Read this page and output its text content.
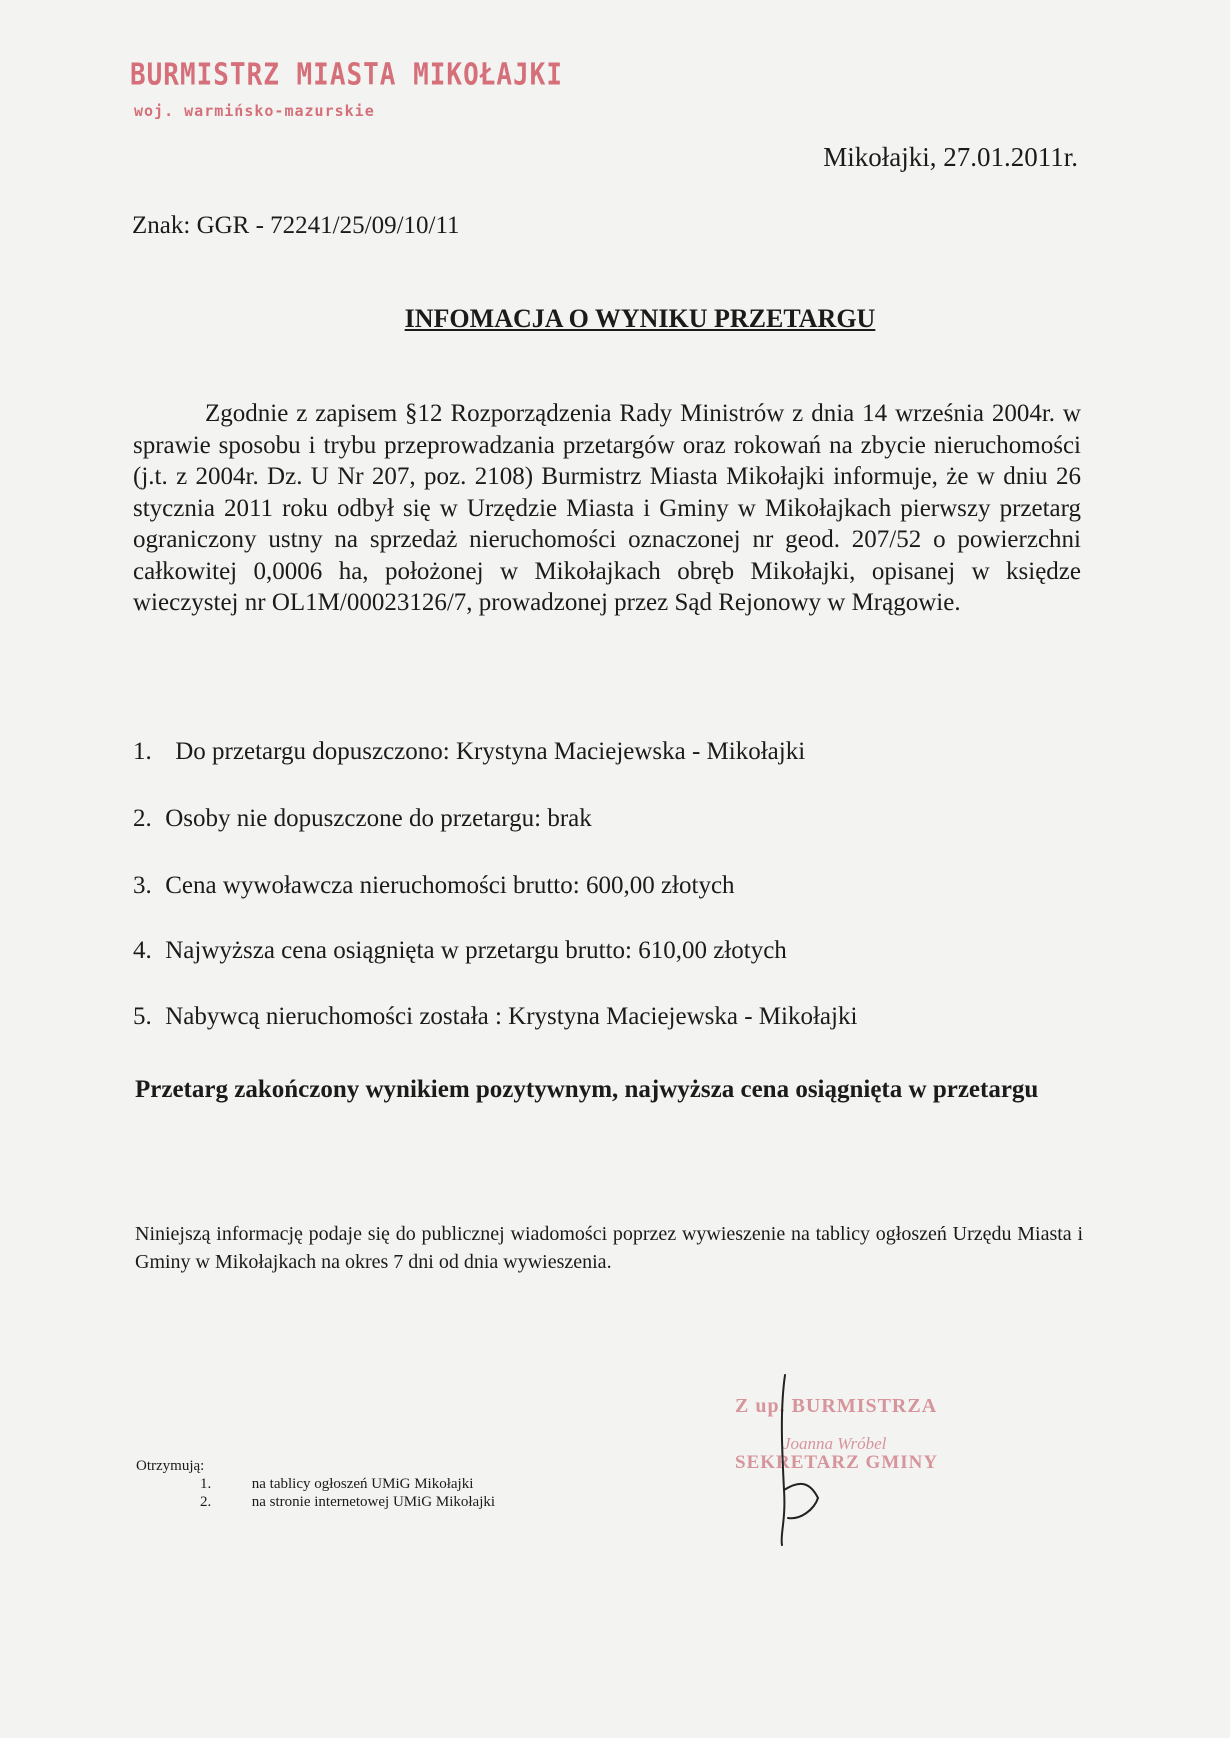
BURMISTRZ MIASTA MIKOŁAJKI
woj. warmińsko-mazurskie
Mikołajki, 27.01.2011r.
Znak: GGR - 72241/25/09/10/11
INFOMACJA O WYNIKU PRZETARGU
Zgodnie z zapisem §12 Rozporządzenia Rady Ministrów z dnia 14 września 2004r. w sprawie sposobu i trybu przeprowadzania przetargów oraz rokowań na zbycie nieruchomości (j.t. z 2004r. Dz. U Nr 207, poz. 2108) Burmistrz Miasta Mikołajki informuje, że w dniu 26 stycznia 2011 roku odbył się w Urzędzie Miasta i Gminy w Mikołajkach pierwszy przetarg ograniczony ustny na sprzedaż nieruchomości oznaczonej nr geod. 207/52 o powierzchni całkowitej 0,0006 ha, położonej w Mikołajkach obręb Mikołajki, opisanej w księdze wieczystej nr OL1M/00023126/7, prowadzonej przez Sąd Rejonowy w Mrągowie.
1. Do przetargu dopuszczono: Krystyna Maciejewska - Mikołajki
2. Osoby nie dopuszczone do przetargu: brak
3. Cena wywoławcza nieruchomości brutto: 600,00 złotych
4. Najwyższa cena osiągnięta w przetargu brutto: 610,00 złotych
5. Nabywcą nieruchomości została : Krystyna Maciejewska - Mikołajki
Przetarg zakończony wynikiem pozytywnym, najwyższa cena osiągnięta w przetargu
Niniejszą informację podaje się do publicznej wiadomości poprzez wywieszenie na tablicy ogłoszeń Urzędu Miasta i Gminy w Mikołajkach na okres 7 dni od dnia wywieszenia.
Z up. BURMISTRZA
Joanna Wróbel
SEKRETARZ GMINY
Otrzymują:
1.	na tablicy ogłoszeń UMiG Mikołajki
2.	na stronie internetowej UMiG Mikołajki
